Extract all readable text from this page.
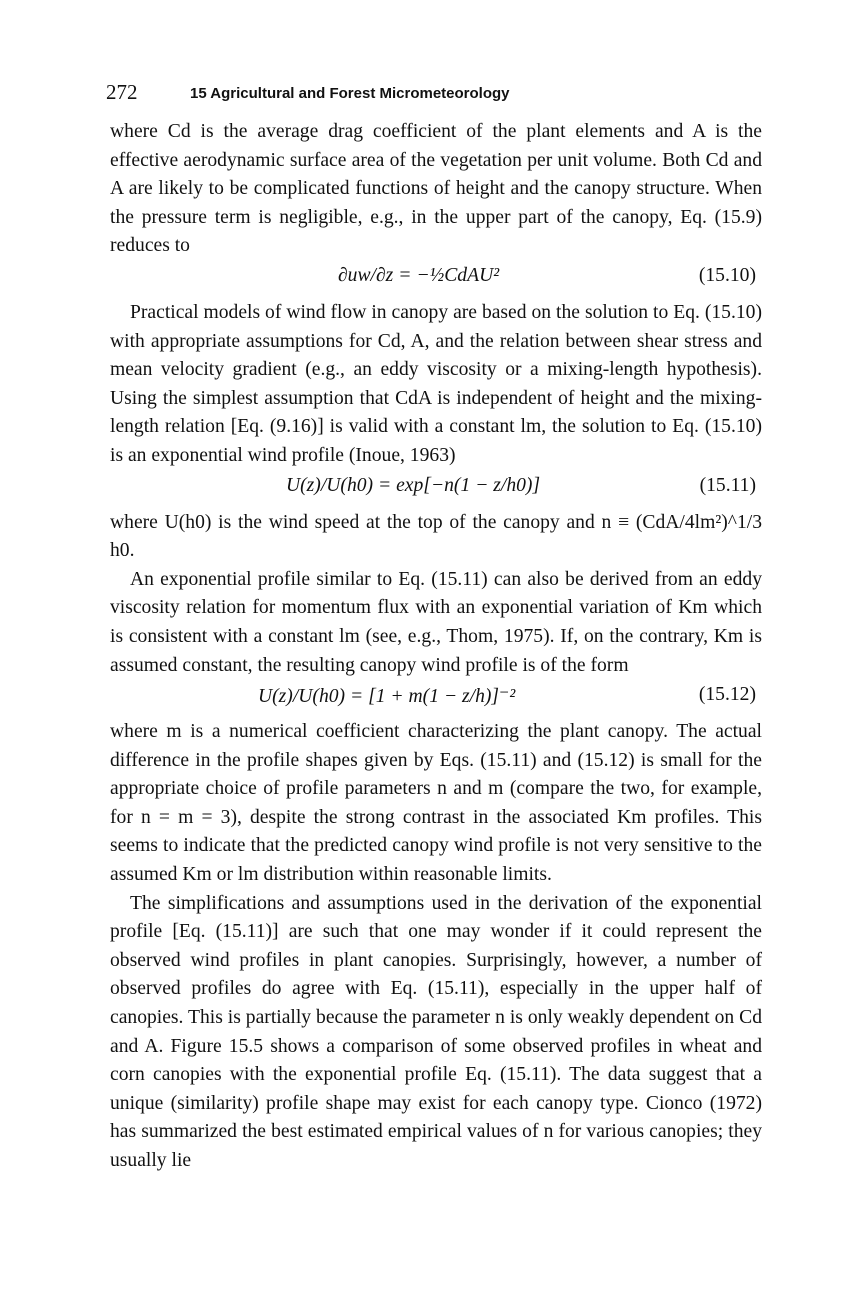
272	15 Agricultural and Forest Micrometeorology

where Cd is the average drag coefficient of the plant elements and A is the effective aerodynamic surface area of the vegetation per unit volume. Both Cd and A are likely to be complicated functions of height and the canopy structure. When the pressure term is negligible, e.g., in the upper part of the canopy, Eq. (15.9) reduces to

∂uw/∂z = −½CdAU²	(15.10)

Practical models of wind flow in canopy are based on the solution to Eq. (15.10) with appropriate assumptions for Cd, A, and the relation between shear stress and mean velocity gradient (e.g., an eddy viscosity or a mixing-length hypothesis). Using the simplest assumption that CdA is independent of height and the mixing-length relation [Eq. (9.16)] is valid with a constant lm, the solution to Eq. (15.10) is an exponential wind profile (Inoue, 1963)

U(z)/U(h0) = exp[−n(1 − z/h0)]	(15.11)

where U(h0) is the wind speed at the top of the canopy and n ≡ (CdA/4lm²)^1/3 h0.

An exponential profile similar to Eq. (15.11) can also be derived from an eddy viscosity relation for momentum flux with an exponential variation of Km which is consistent with a constant lm (see, e.g., Thom, 1975). If, on the contrary, Km is assumed constant, the resulting canopy wind profile is of the form

U(z)/U(h0) = [1 + m(1 − z/h)]⁻²	(15.12)

where m is a numerical coefficient characterizing the plant canopy. The actual difference in the profile shapes given by Eqs. (15.11) and (15.12) is small for the appropriate choice of profile parameters n and m (compare the two, for example, for n = m = 3), despite the strong contrast in the associated Km profiles. This seems to indicate that the predicted canopy wind profile is not very sensitive to the assumed Km or lm distribution within reasonable limits.

The simplifications and assumptions used in the derivation of the exponential profile [Eq. (15.11)] are such that one may wonder if it could represent the observed wind profiles in plant canopies. Surprisingly, however, a number of observed profiles do agree with Eq. (15.11), especially in the upper half of canopies. This is partially because the parameter n is only weakly dependent on Cd and A. Figure 15.5 shows a comparison of some observed profiles in wheat and corn canopies with the exponential profile Eq. (15.11). The data suggest that a unique (similarity) profile shape may exist for each canopy type. Cionco (1972) has summarized the best estimated empirical values of n for various canopies; they usually lie
